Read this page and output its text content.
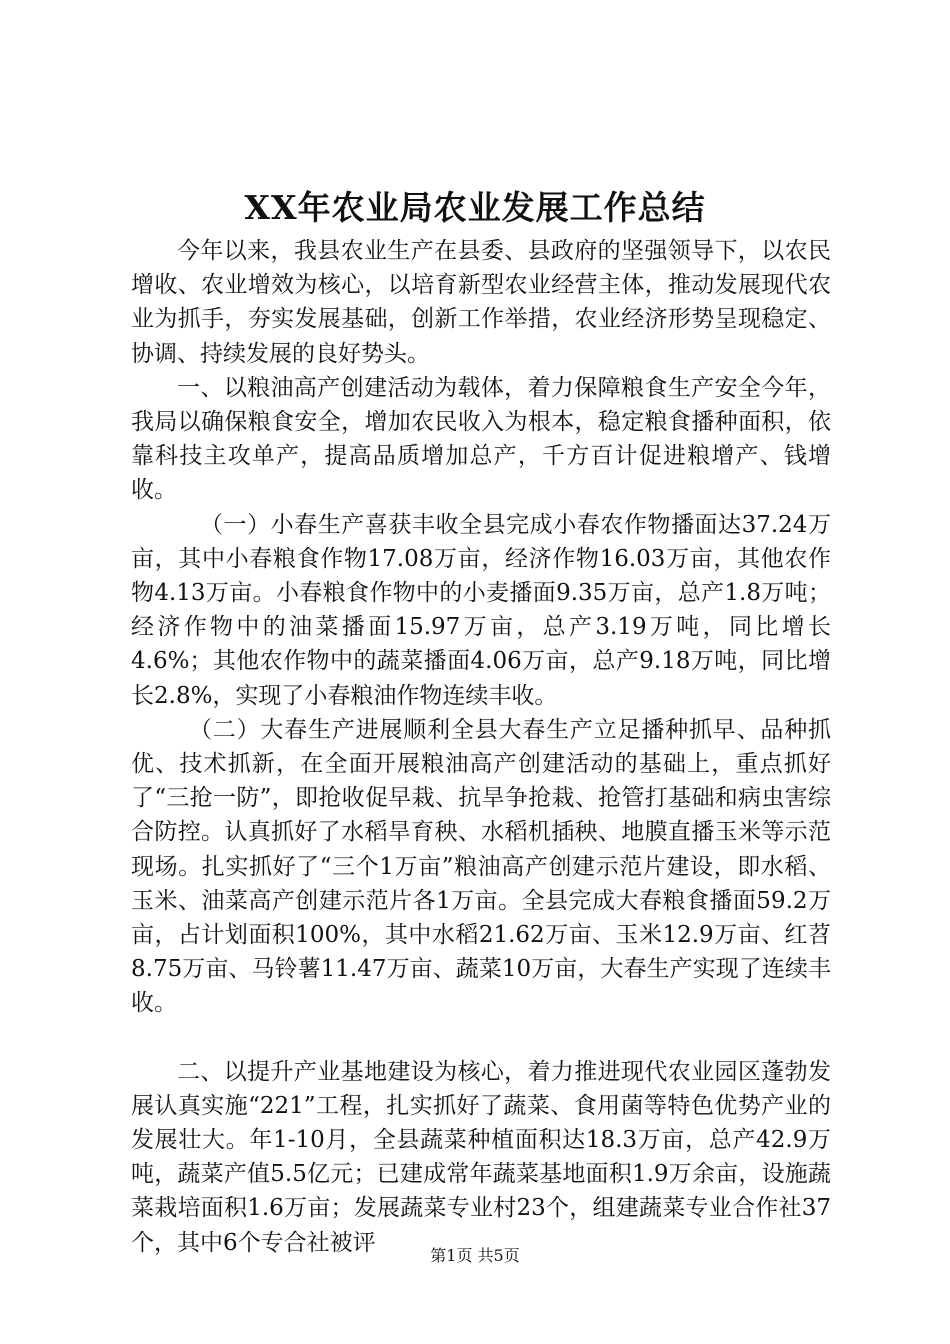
XX年农业局农业发展工作总结

今年以来，我县农业生产在县委、县政府的坚强领导下，以农民增收、农业增效为核心，以培育新型农业经营主体，推动发展现代农业为抓手，夯实发展基础，创新工作举措，农业经济形势呈现稳定、协调、持续发展的良好势头。

一、以粮油高产创建活动为载体，着力保障粮食生产安全今年，我局以确保粮食安全，增加农民收入为根本，稳定粮食播种面积，依靠科技主攻单产，提高品质增加总产，千方百计促进粮增产、钱增收。

（一）小春生产喜获丰收全县完成小春农作物播面达37.24万亩，其中小春粮食作物17.08万亩，经济作物16.03万亩，其他农作物4.13万亩。小春粮食作物中的小麦播面9.35万亩，总产1.8万吨；经济作物中的油菜播面15.97万亩，总产3.19万吨，同比增长4.6%；其他农作物中的蔬菜播面4.06万亩，总产9.18万吨，同比增长2.8%，实现了小春粮油作物连续丰收。

（二）大春生产进展顺利全县大春生产立足播种抓早、品种抓优、技术抓新，在全面开展粮油高产创建活动的基础上，重点抓好了“三抢一防”，即抢收促早栽、抗旱争抢栽、抢管打基础和病虫害综合防控。认真抓好了水稻旱育秧、水稻机插秧、地膜直播玉米等示范现场。扎实抓好了“三个1万亩”粮油高产创建示范片建设，即水稻、玉米、油菜高产创建示范片各1万亩。全县完成大春粮食播面59.2万亩，占计划面积100%，其中水稻21.62万亩、玉米12.9万亩、红苕8.75万亩、马铃薯11.47万亩、蔬菜10万亩，大春生产实现了连续丰收。

二、以提升产业基地建设为核心，着力推进现代农业园区蓬勃发展认真实施“221”工程，扎实抓好了蔬菜、食用菌等特色优势产业的发展壮大。年1-10月，全县蔬菜种植面积达18.3万亩，总产42.9万吨，蔬菜产值5.5亿元；已建成常年蔬菜基地面积1.9万余亩，设施蔬菜栽培面积1.6万亩；发展蔬菜专业村23个，组建蔬菜专业合作社37个，其中6个专合社被评	第1页 共5页
